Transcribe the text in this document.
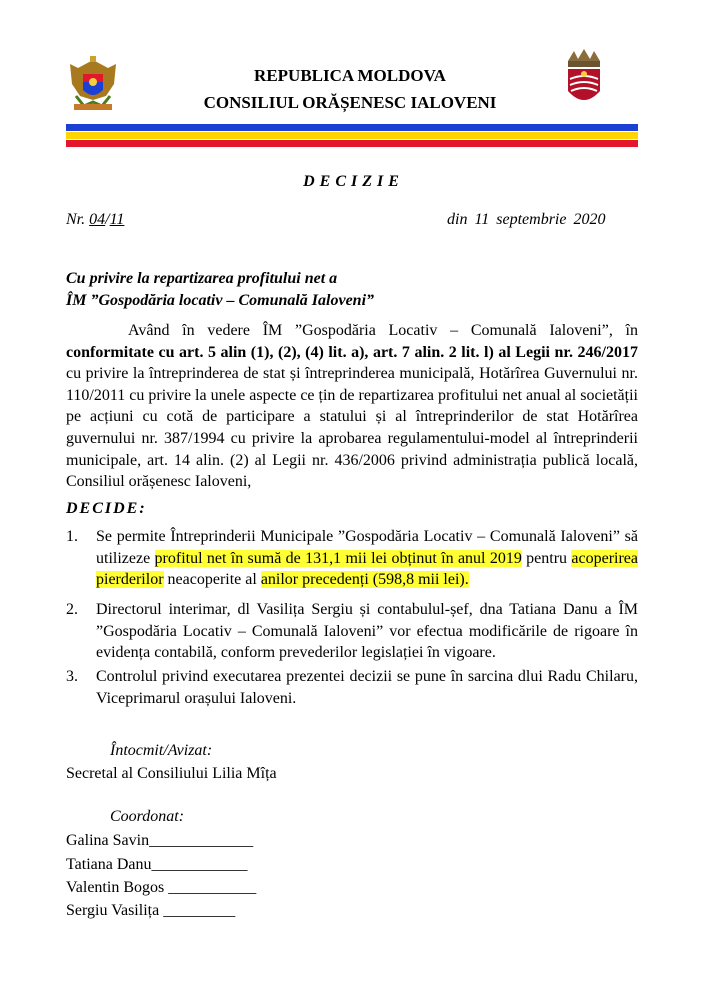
REPUBLICA MOLDOVA
CONSILIUL ORĂȘENESC IALOVENI
DECIZIE
Nr. 04/11	din 11 septembrie 2020
Cu privire la repartizarea profitului net a
ÎM ”Gospodăria locativ – Comunală Ialoveni”
Având în vedere ÎM ”Gospodăria Locativ – Comunală Ialoveni”, în conformitate cu art. 5 alin (1), (2), (4) lit. a), art. 7 alin. 2 lit. l) al Legii nr. 246/2017 cu privire la întreprinderea de stat și întreprinderea municipală, Hotărîrea Guvernului nr. 110/2011 cu privire la unele aspecte ce țin de repartizarea profitului net anual al societății pe acțiuni cu cotă de participare a statului și al întreprinderilor de stat Hotărîrea guvernului nr. 387/1994 cu privire la aprobarea regulamentului-model al întreprinderii municipale, art. 14 alin. (2) al Legii nr. 436/2006 privind administrația publică locală, Consiliul orășenesc Ialoveni,
DECIDE:
1. Se permite Întreprinderii Municipale ”Gospodăria Locativ – Comunală Ialoveni” să utilizeze profitul net în sumă de 131,1 mii lei obținut în anul 2019 pentru acoperirea pierderilor neacoperite al anilor precedenți (598,8 mii lei).
2. Directorul interimar, dl Vasilița Sergiu și contabulul-șef, dna Tatiana Danu a ÎM ”Gospodăria Locativ – Comunală Ialoveni” vor efectua modificările de rigoare în evidența contabilă, conform prevederilor legislației în vigoare.
3. Controlul privind executarea prezentei decizii se pune în sarcina dlui Radu Chilaru, Viceprimarul orașului Ialoveni.
Întocmit/Avizat:
Secretal al Consiliului Lilia Mîța
Coordonat:
Galina Savin_____________
Tatiana Danu____________
Valentin Bogos ___________
Sergiu Vasilița _________
